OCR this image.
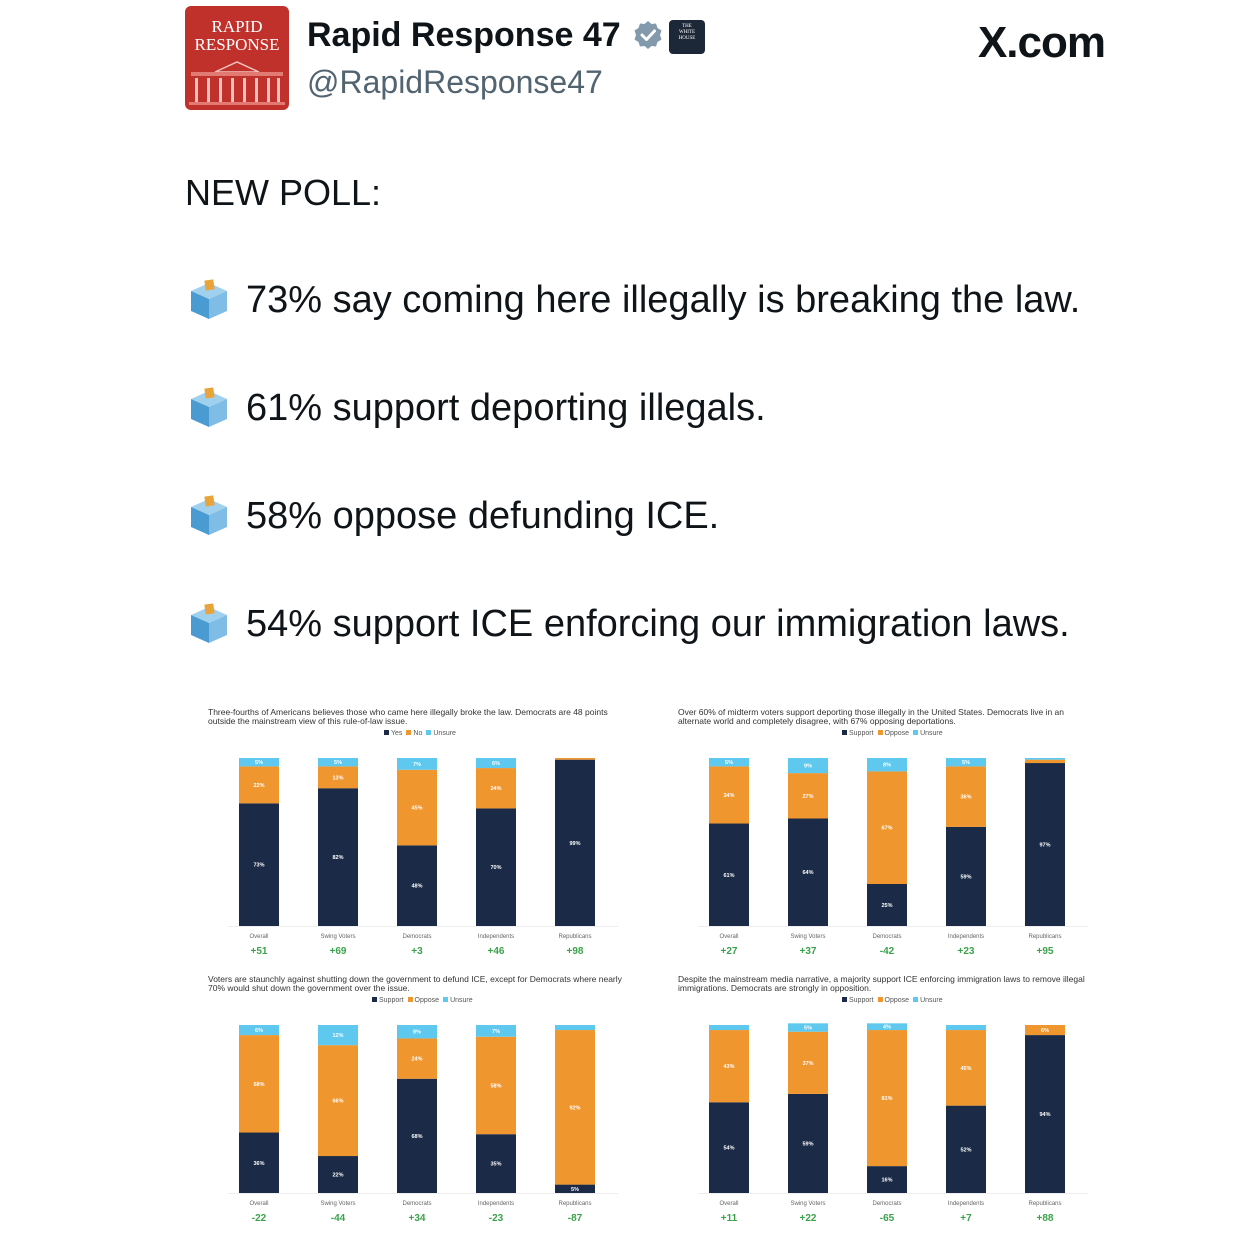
RAPID
RESPONSE Rapid Response 47	THE
WHITE
HOUSE
@RapidResponse47
X.com
NEW POLL:
73% say coming here illegally is breaking the law.
61% support deporting illegals.
58% oppose defunding ICE.
54% support ICE enforcing our immigration laws.
Three-fourths of Americans believes those who came here illegally broke the law. Democrats are 48 points outside the mainstream view of this rule-of-law issue.
Yes No Unsure
73%
22%
5%
Overall
+51
82%
13%
5%
Swing Voters
+69
48%
45%
7%
Democrats
+3
70%
24%
6%
Independents
+46
99%
Republicans
+98
Over 60% of midterm voters support deporting those illegally in the United States. Democrats live in an alternate world and completely disagree, with 67% opposing deportations.
Support Oppose Unsure
61%
34%
5%
Overall
+27
64%
27%
9%
Swing Voters
+37
25%
67%
8%
Democrats
-42
59%
36%
5%
Independents
+23
97%
Republicans
+95
Voters are staunchly against shutting down the government to defund ICE, except for Democrats where nearly 70% would shut down the government over the issue.
Support Oppose Unsure
36%
58%
6%
Overall
-22
22%
66%
12%
Swing Voters
-44
68%
24%
8%
Democrats
+34
35%
58%
7%
Independents
-23
5%
92%
Republicans
-87
Despite the mainstream media narrative, a majority support ICE enforcing immigration laws to remove illegal immigrations. Democrats are strongly in opposition.
Support Oppose Unsure
54%
43%
Overall
+11
59%
37%
5%
Swing Voters
+22
16%
81%
4%
Democrats
-65
52%
45%
Independents
+7
94%
6%
Republicans
+88
